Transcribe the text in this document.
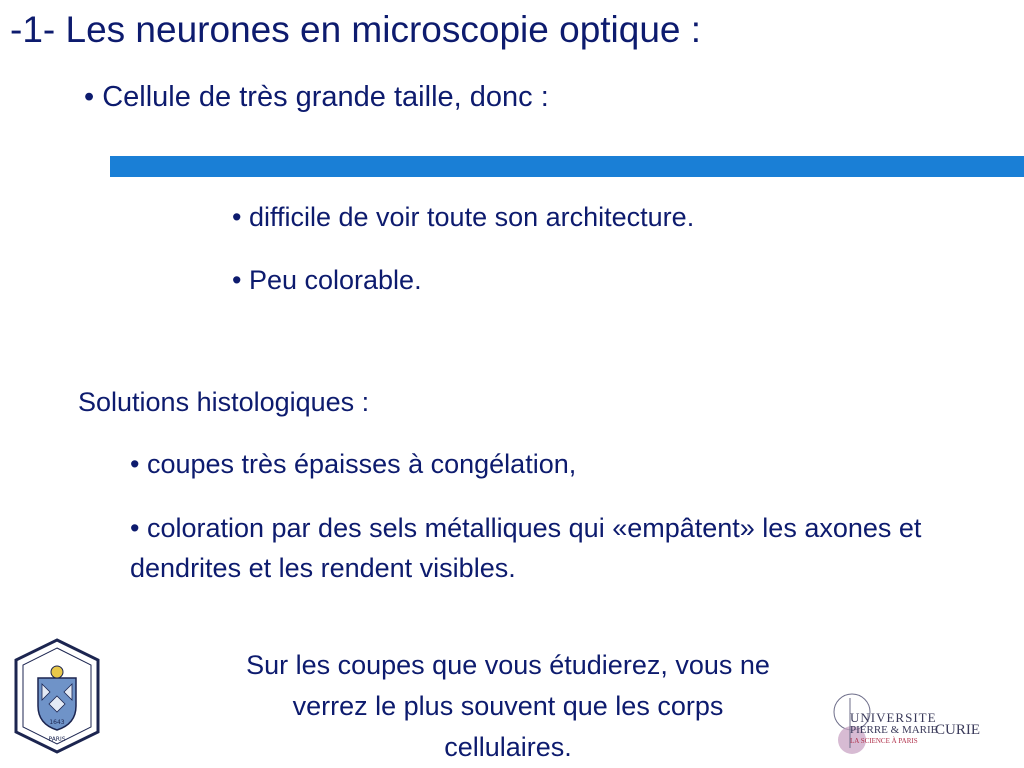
-1- Les neurones en microscopie optique :
• Cellule de très grande taille, donc :
• difficile de voir toute son architecture.
• Peu colorable.
Solutions histologiques :
• coupes très épaisses à congélation,
• coloration par des sels métalliques qui «empâtent» les axones et dendrites et les rendent visibles.
Sur les coupes que vous étudierez, vous ne verrez le plus souvent que les corps cellulaires.
1643
PARIS
UNIVERSITE
PIERRE & MARIE
CURIE
LA SCIENCE À PARIS
